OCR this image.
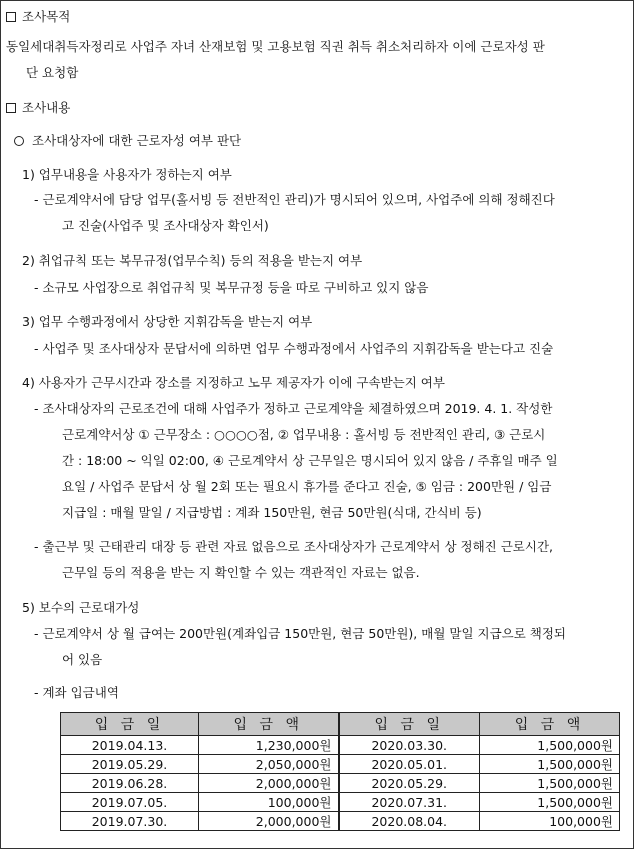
조사목적
동일세대취득자정리로 사업주 자녀 산재보험 및 고용보험 직권 취득 취소처리하자 이에 근로자성 판
단 요청함
조사내용
조사대상자에 대한 근로자성 여부 판단
1) 업무내용을 사용자가 정하는지 여부
- 근로계약서에 담당 업무(홀서빙 등 전반적인 관리)가 명시되어 있으며, 사업주에 의해 정해진다
고 진술(사업주 및 조사대상자 확인서)
2) 취업규칙 또는 복무규정(업무수칙) 등의 적용을 받는지 여부
- 소규모 사업장으로 취업규칙 및 복무규정 등을 따로 구비하고 있지 않음
3) 업무 수행과정에서 상당한 지휘감독을 받는지 여부
- 사업주 및 조사대상자 문답서에 의하면 업무 수행과정에서 사업주의 지휘감독을 받는다고 진술
4) 사용자가 근무시간과 장소를 지정하고 노무 제공자가 이에 구속받는지 여부
- 조사대상자의 근로조건에 대해 사업주가 정하고 근로계약을 체결하였으며 2019. 4. 1. 작성한
근로계약서상 ① 근무장소 : ○○○○점, ② 업무내용 : 홀서빙 등 전반적인 관리, ③ 근로시
간 : 18:00 ~ 익일 02:00, ④ 근로계약서 상 근무일은 명시되어 있지 않음 / 주휴일 매주 일
요일 / 사업주 문답서 상 월 2회 또는 필요시 휴가를 준다고 진술, ⑤ 임금 : 200만원 / 임금
지급일 : 매월 말일 / 지급방법 : 계좌 150만원, 현금 50만원(식대, 간식비 등)
- 출근부 및 근태관리 대장 등 관련 자료 없음으로 조사대상자가 근로계약서 상 정해진 근로시간,
근무일 등의 적용을 받는 지 확인할 수 있는 객관적인 자료는 없음.
5) 보수의 근로대가성
- 근로계약서 상 월 급여는 200만원(계좌입금 150만원, 현금 50만원), 매월 말일 지급으로 책정되
어 있음
- 계좌 입금내역
입 금 일	입 금 액	입 금 일	입 금 액
2019.04.13.	1,230,000원	2020.03.30.	1,500,000원
2019.05.29.	2,050,000원	2020.05.01.	1,500,000원
2019.06.28.	2,000,000원	2020.05.29.	1,500,000원
2019.07.05.	100,000원	2020.07.31.	1,500,000원
2019.07.30.	2,000,000원	2020.08.04.	100,000원
